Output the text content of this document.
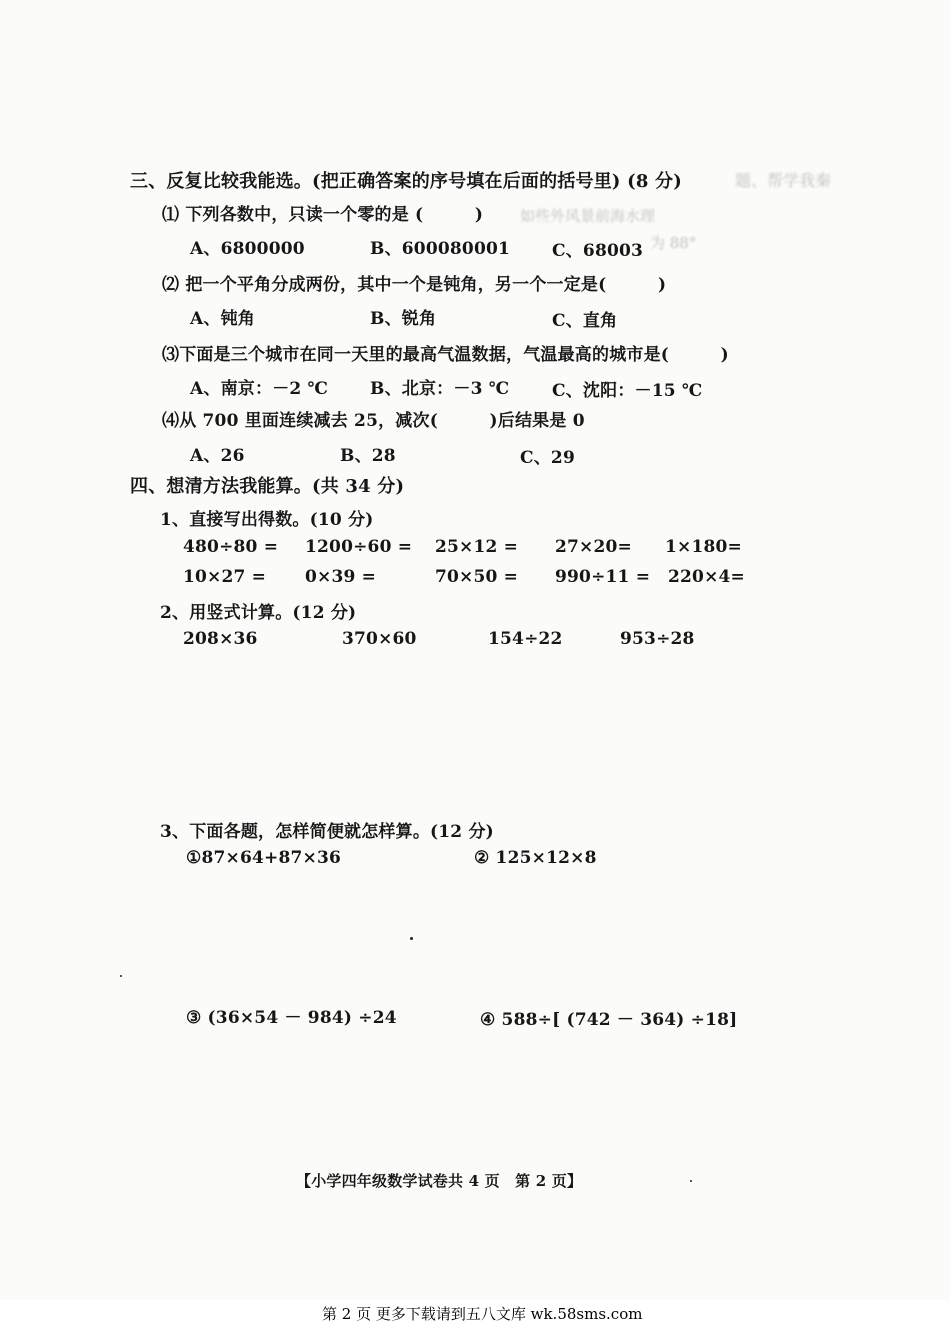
题、帮学我秦
如些外风景前海水理
为 88°
三、反复比较我能选。(把正确答案的序号填在后面的括号里) (8 分)
⑴ 下列各数中，只读一个零的是 (　　　)
A、6800000	B、600080001 C、68003
⑵ 把一个平角分成两份，其中一个是钝角，另一个一定是(　　　)
A、钝角	B、锐角	C、直角
⑶下面是三个城市在同一天里的最高气温数据，气温最高的城市是(　　　)
A、南京：－2 ℃ B、北京：－3 ℃	C、沈阳：－15 ℃
⑷从 700 里面连续减去 25，减次(　　　)后结果是 0
A、26	B、28	C、29
四、想清方法我能算。(共 34 分)
1、直接写出得数。(10 分)
480÷80 = 1200÷60 = 25×12 = 27×20= 1×180=
10×27 = 0×39 =	70×50 = 990÷11 = 220×4=
2、用竖式计算。(12 分)
208×36	370×60	154÷22	953÷28
3、下面各题，怎样简便就怎样算。(12 分)
①87×64+87×36	② 125×12×8
③ (36×54 － 984) ÷24	④ 588÷[ (742 － 364) ÷18]
【小学四年级数学试卷共 4 页　第 2 页】
第 2 页 更多下载请到五八文库 wk.58sms.com
